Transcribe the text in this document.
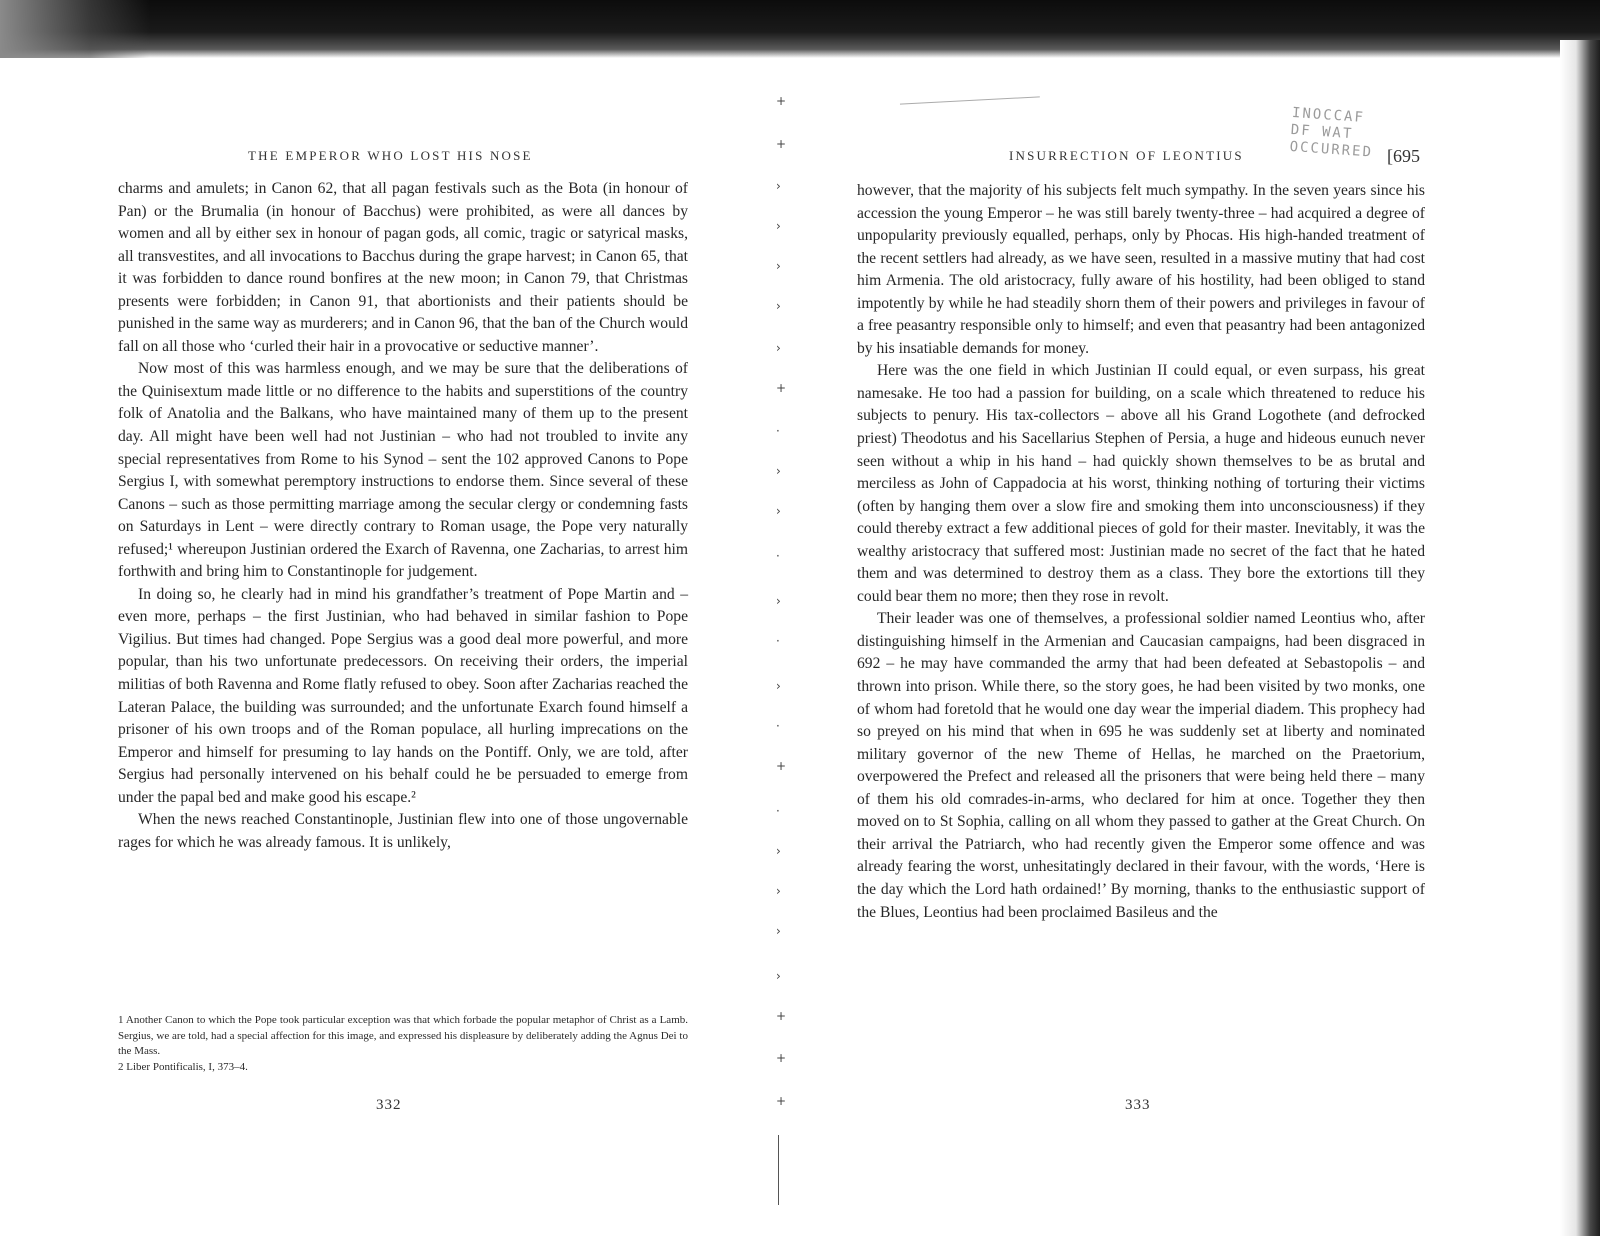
+
+
›
›
›
›
›
+
·
›
›
·
›
·
›
·
+
·
›
›
›
›
+
+
+
THE EMPEROR WHO LOST HIS NOSE

charms and amulets; in Canon 62, that all pagan festivals such as the Bota (in honour of Pan) or the Brumalia (in honour of Bacchus) were prohibited, as were all dances by women and all by either sex in honour of pagan gods, all comic, tragic or satyrical masks, all transvestites, and all invocations to Bacchus during the grape harvest; in Canon 65, that it was forbidden to dance round bonfires at the new moon; in Canon 79, that Christmas presents were forbidden; in Canon 91, that abortionists and their patients should be punished in the same way as murderers; and in Canon 96, that the ban of the Church would fall on all those who ‘curled their hair in a provocative or seductive manner’.

Now most of this was harmless enough, and we may be sure that the deliberations of the Quinisextum made little or no difference to the habits and superstitions of the country folk of Anatolia and the Balkans, who have maintained many of them up to the present day. All might have been well had not Justinian – who had not troubled to invite any special representatives from Rome to his Synod – sent the 102 approved Canons to Pope Sergius I, with somewhat peremptory instructions to endorse them. Since several of these Canons – such as those permitting marriage among the secular clergy or condemning fasts on Saturdays in Lent – were directly contrary to Roman usage, the Pope very naturally refused;¹ whereupon Justinian ordered the Exarch of Ravenna, one Zacharias, to arrest him forthwith and bring him to Constantinople for judgement.

In doing so, he clearly had in mind his grandfather’s treatment of Pope Martin and – even more, perhaps – the first Justinian, who had behaved in similar fashion to Pope Vigilius. But times had changed. Pope Sergius was a good deal more powerful, and more popular, than his two unfortunate predecessors. On receiving their orders, the imperial militias of both Ravenna and Rome flatly refused to obey. Soon after Zacharias reached the Lateran Palace, the building was surrounded; and the unfortunate Exarch found himself a prisoner of his own troops and of the Roman populace, all hurling imprecations on the Emperor and himself for presuming to lay hands on the Pontiff. Only, we are told, after Sergius had personally intervened on his behalf could he be persuaded to emerge from under the papal bed and make good his escape.²

When the news reached Constantinople, Justinian flew into one of those ungovernable rages for which he was already famous. It is unlikely,

1 Another Canon to which the Pope took particular exception was that which forbade the popular metaphor of Christ as a Lamb. Sergius, we are told, had a special affection for this image, and expressed his displeasure by deliberately adding the Agnus Dei to the Mass.
2 Liber Pontificalis, I, 373–4.
332
INSURRECTION OF LEONTIUS	[695

however, that the majority of his subjects felt much sympathy. In the seven years since his accession the young Emperor – he was still barely twenty-three – had acquired a degree of unpopularity previously equalled, perhaps, only by Phocas. His high-handed treatment of the recent settlers had already, as we have seen, resulted in a massive mutiny that had cost him Armenia. The old aristocracy, fully aware of his hostility, had been obliged to stand impotently by while he had steadily shorn them of their powers and privileges in favour of a free peasantry responsible only to himself; and even that peasantry had been antagonized by his insatiable demands for money.

Here was the one field in which Justinian II could equal, or even surpass, his great namesake. He too had a passion for building, on a scale which threatened to reduce his subjects to penury. His tax-collectors – above all his Grand Logothete (and defrocked priest) Theodotus and his Sacellarius Stephen of Persia, a huge and hideous eunuch never seen without a whip in his hand – had quickly shown themselves to be as brutal and merciless as John of Cappadocia at his worst, thinking nothing of torturing their victims (often by hanging them over a slow fire and smoking them into unconsciousness) if they could thereby extract a few additional pieces of gold for their master. Inevitably, it was the wealthy aristocracy that suffered most: Justinian made no secret of the fact that he hated them and was determined to destroy them as a class. They bore the extortions till they could bear them no more; then they rose in revolt.

Their leader was one of themselves, a professional soldier named Leontius who, after distinguishing himself in the Armenian and Caucasian campaigns, had been disgraced in 692 – he may have commanded the army that had been defeated at Sebastopolis – and thrown into prison. While there, so the story goes, he had been visited by two monks, one of whom had foretold that he would one day wear the imperial diadem. This prophecy had so preyed on his mind that when in 695 he was suddenly set at liberty and nominated military governor of the new Theme of Hellas, he marched on the Praetorium, overpowered the Prefect and released all the prisoners that were being held there – many of them his old comrades-in-arms, who declared for him at once. Together they then moved on to St Sophia, calling on all whom they passed to gather at the Great Church. On their arrival the Patriarch, who had recently given the Emperor some offence and was already fearing the worst, unhesitatingly declared in their favour, with the words, ‘Here is the day which the Lord hath ordained!’ By morning, thanks to the enthusiastic support of the Blues, Leontius had been proclaimed Basileus and the

333
INOCCAF
DF WAT
OCCURRED
